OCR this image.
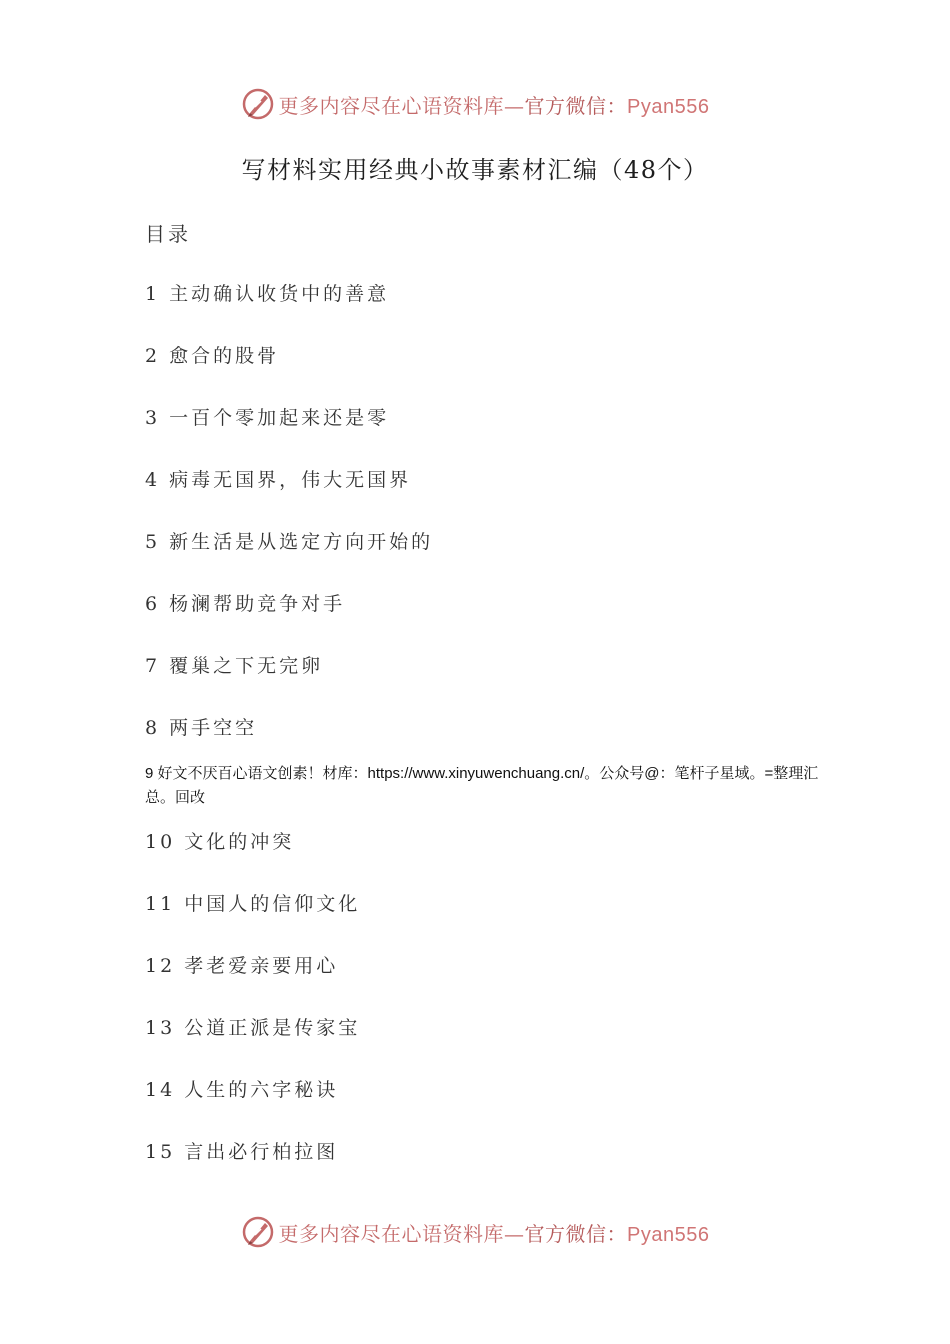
更多内容尽在心语资料库—官方微信：Pyan556
写材料实用经典小故事素材汇编（48个）
目录
1 主动确认收货中的善意
2 愈合的股骨
3 一百个零加起来还是零
4 病毒无国界，伟大无国界
5 新生活是从选定方向开始的
6 杨澜帮助竞争对手
7 覆巢之下无完卵
8 两手空空
9 好文不厌百心语文创素！材库：https://www.xinyuwenchuang.cn/。公众号@：笔杆子星域。=整理汇总。回改
10 文化的冲突
11 中国人的信仰文化
12 孝老爱亲要用心
13 公道正派是传家宝
14 人生的六字秘诀
15 言出必行柏拉图
更多内容尽在心语资料库—官方微信：Pyan556
